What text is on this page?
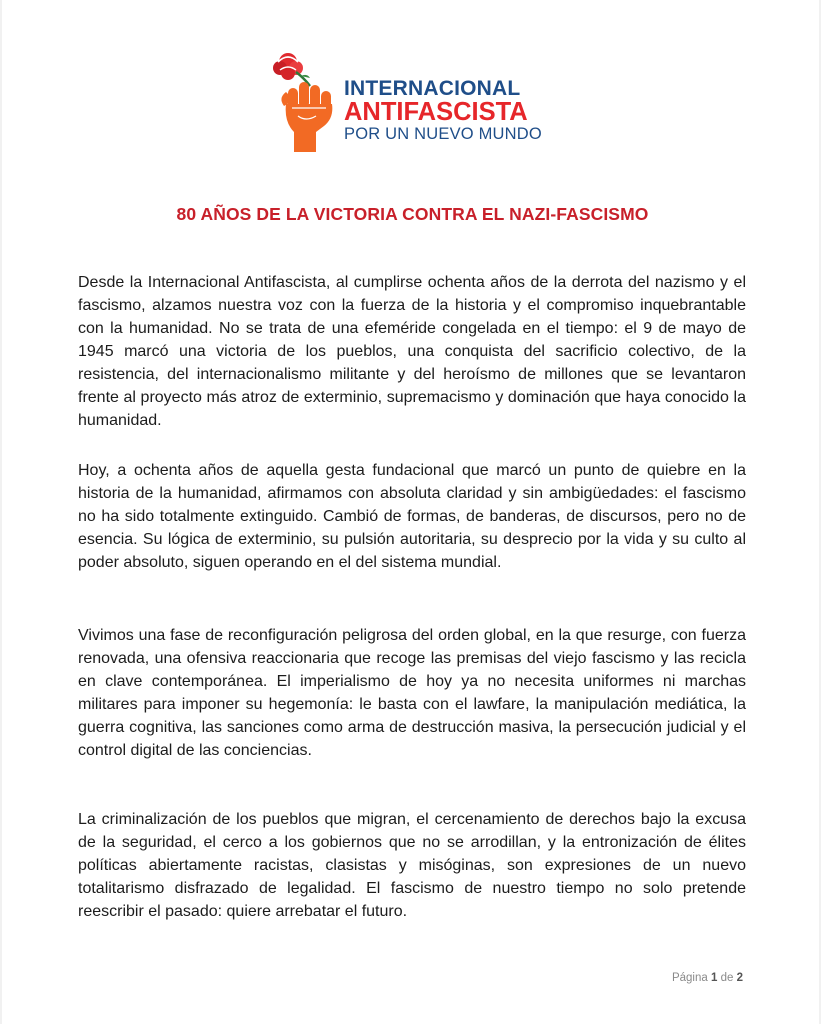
INTERNACIONAL
ANTIFASCISTA
POR UN NUEVO MUNDO
80 AÑOS DE LA VICTORIA CONTRA EL NAZI-FASCISMO

Desde la Internacional Antifascista, al cumplirse ochenta años de la derrota del nazismo y el fascismo, alzamos nuestra voz con la fuerza de la historia y el compromiso inquebrantable con la humanidad. No se trata de una efeméride congelada en el tiempo: el 9 de mayo de 1945 marcó una victoria de los pueblos, una conquista del sacrificio colectivo, de la resistencia, del internacionalismo militante y del heroísmo de millones que se levantaron frente al proyecto más atroz de exterminio, supremacismo y dominación que haya conocido la humanidad.

Hoy, a ochenta años de aquella gesta fundacional que marcó un punto de quiebre en la historia de la humanidad, afirmamos con absoluta claridad y sin ambigüedades: el fascismo no ha sido totalmente extinguido. Cambió de formas, de banderas, de discursos, pero no de esencia. Su lógica de exterminio, su pulsión autoritaria, su desprecio por la vida y su culto al poder absoluto, siguen operando en el del sistema mundial.

Vivimos una fase de reconfiguración peligrosa del orden global, en la que resurge, con fuerza renovada, una ofensiva reaccionaria que recoge las premisas del viejo fascismo y las recicla en clave contemporánea. El imperialismo de hoy ya no necesita uniformes ni marchas militares para imponer su hegemonía: le basta con el lawfare, la manipulación mediática, la guerra cognitiva, las sanciones como arma de destrucción masiva, la persecución judicial y el control digital de las conciencias.

La criminalización de los pueblos que migran, el cercenamiento de derechos bajo la excusa de la seguridad, el cerco a los gobiernos que no se arrodillan, y la entronización de élites políticas abiertamente racistas, clasistas y misóginas, son expresiones de un nuevo totalitarismo disfrazado de legalidad. El fascismo de nuestro tiempo no solo pretende reescribir el pasado: quiere arrebatar el futuro.

Página 1 de 2
